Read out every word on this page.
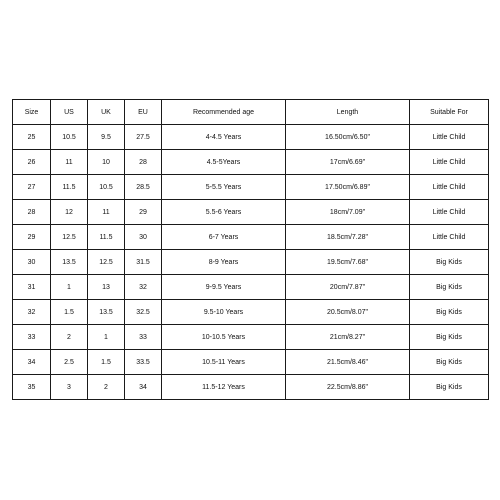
Size	US	UK	EU	Recommended age	Length	Suitable For
25	10.5	9.5	27.5	4-4.5 Years	16.50cm/6.50"	Little Child
26	11	10	28	4.5-5Years	17cm/6.69"	Little Child
27	11.5	10.5	28.5	5-5.5 Years	17.50cm/6.89"	Little Child
28	12	11	29	5.5-6 Years	18cm/7.09"	Little Child
29	12.5	11.5	30	6-7 Years	18.5cm/7.28"	Little Child
30	13.5	12.5	31.5	8-9 Years	19.5cm/7.68"	Big Kids
31	1	13	32	9-9.5 Years	20cm/7.87"	Big Kids
32	1.5	13.5	32.5	9.5-10 Years	20.5cm/8.07"	Big Kids
33	2	1	33	10-10.5 Years	21cm/8.27"	Big Kids
34	2.5	1.5	33.5	10.5-11 Years	21.5cm/8.46"	Big Kids
35	3	2	34	11.5-12 Years	22.5cm/8.86"	Big Kids
